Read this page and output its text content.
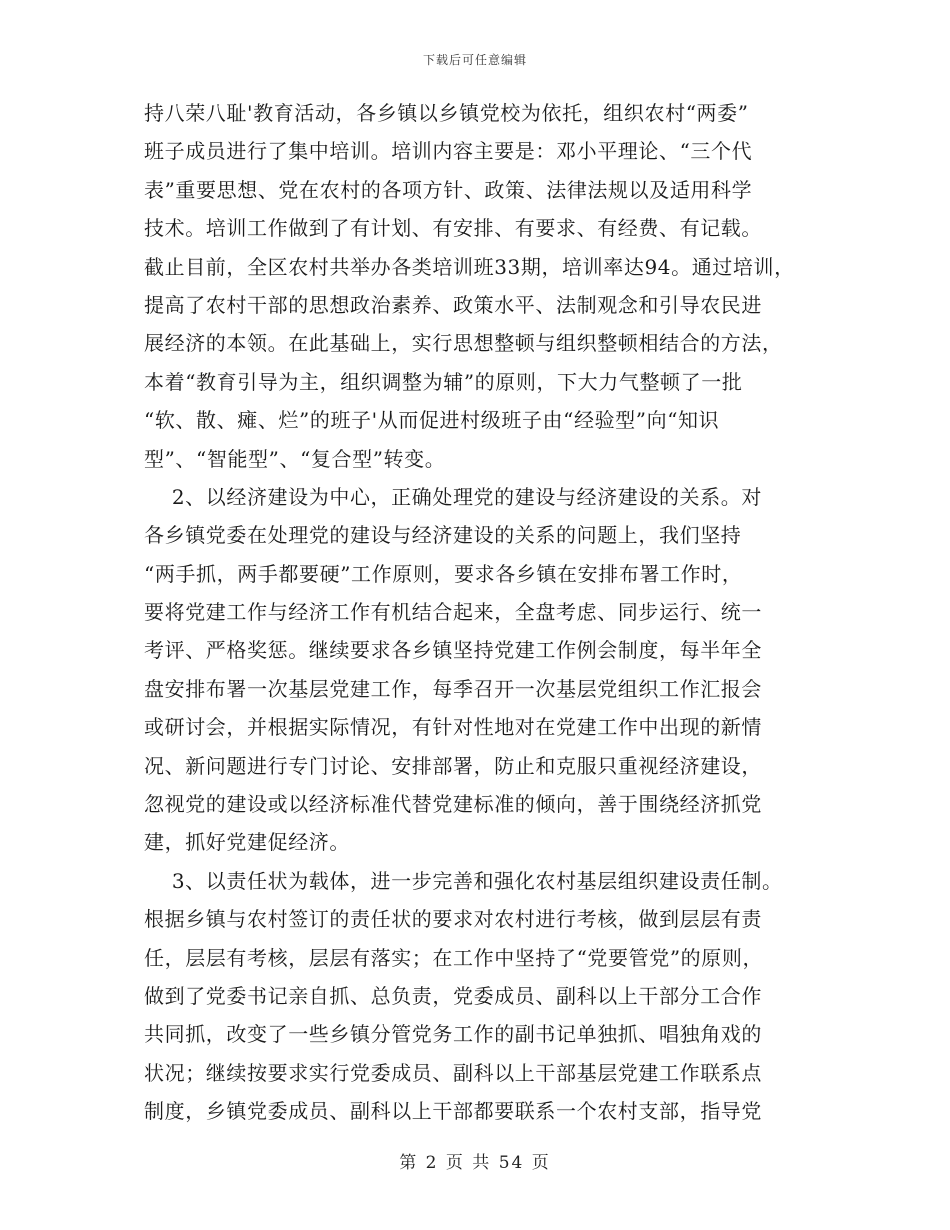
下载后可任意编辑
持八荣八耻'教育活动，各乡镇以乡镇党校为依托，组织农村“两委”
班子成员进行了集中培训。培训内容主要是：邓小平理论、“三个代
表”重要思想、党在农村的各项方针、政策、法律法规以及适用科学
技术。培训工作做到了有计划、有安排、有要求、有经费、有记载。
截止目前，全区农村共举办各类培训班33期，培训率达94。通过培训，
提高了农村干部的思想政治素养、政策水平、法制观念和引导农民进
展经济的本领。在此基础上，实行思想整顿与组织整顿相结合的方法，
本着“教育引导为主，组织调整为辅”的原则，下大力气整顿了一批
“软、散、瘫、烂”的班子'从而促进村级班子由“经验型”向“知识
型”、“智能型”、“复合型”转变。
2、以经济建设为中心，正确处理党的建设与经济建设的关系。对
各乡镇党委在处理党的建设与经济建设的关系的问题上，我们坚持
“两手抓，两手都要硬”工作原则，要求各乡镇在安排布署工作时，
要将党建工作与经济工作有机结合起来，全盘考虑、同步运行、统一
考评、严格奖惩。继续要求各乡镇坚持党建工作例会制度，每半年全
盘安排布署一次基层党建工作，每季召开一次基层党组织工作汇报会
或研讨会，并根据实际情况，有针对性地对在党建工作中出现的新情
况、新问题进行专门讨论、安排部署，防止和克服只重视经济建设，
忽视党的建设或以经济标准代替党建标准的倾向，善于围绕经济抓党
建，抓好党建促经济。
3、以责任状为载体，进一步完善和强化农村基层组织建设责任制。
根据乡镇与农村签订的责任状的要求对农村进行考核，做到层层有责
任，层层有考核，层层有落实；在工作中坚持了“党要管党”的原则，
做到了党委书记亲自抓、总负责，党委成员、副科以上干部分工合作
共同抓，改变了一些乡镇分管党务工作的副书记单独抓、唱独角戏的
状况；继续按要求实行党委成员、副科以上干部基层党建工作联系点
制度，乡镇党委成员、副科以上干部都要联系一个农村支部，指导党
第 2 页 共 54 页
